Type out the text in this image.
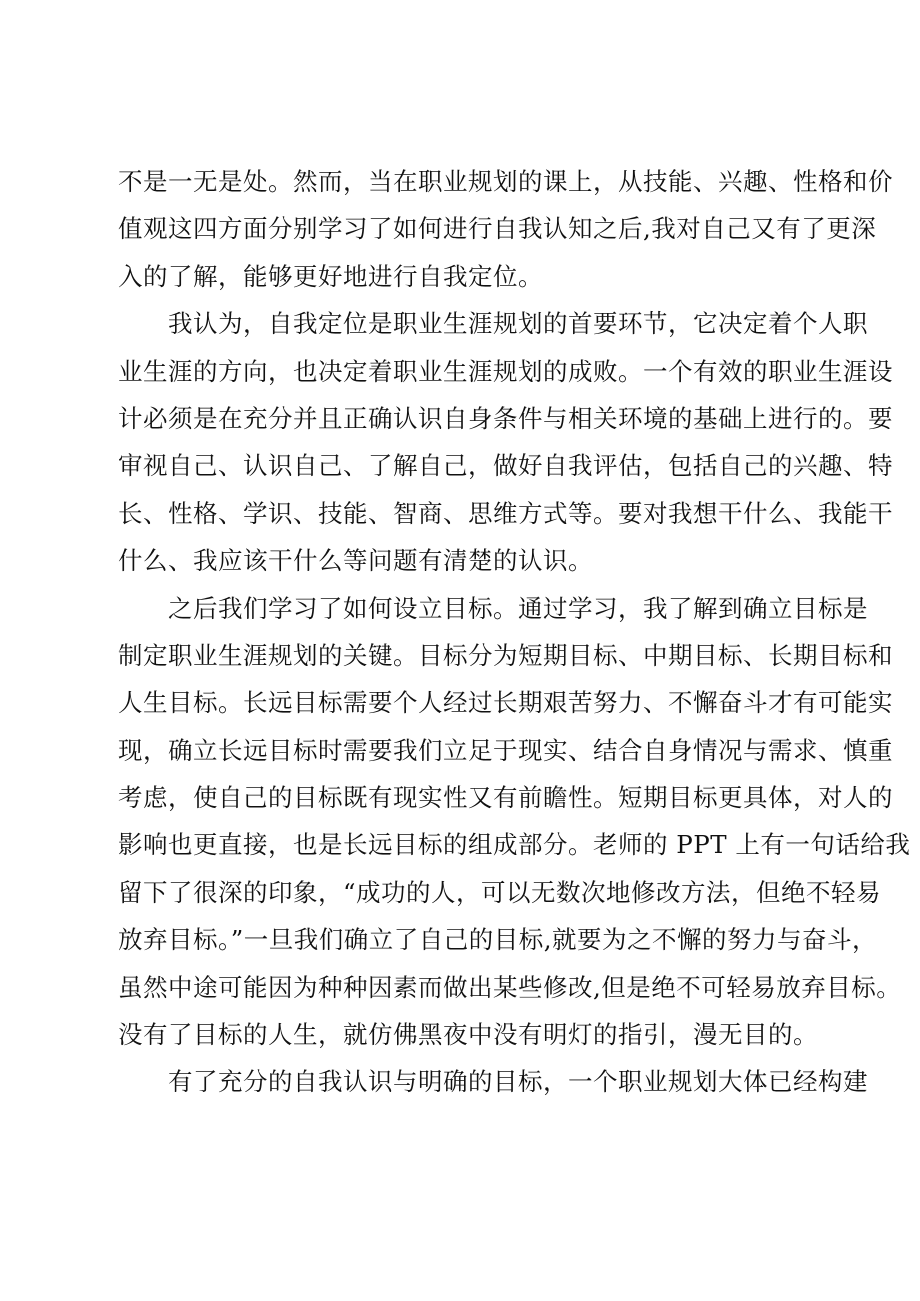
不是一无是处。然而，当在职业规划的课上，从技能、兴趣、性格和价
值观这四方面分别学习了如何进行自我认知之后,我对自己又有了更深
入的了解，能够更好地进行自我定位。
我认为，自我定位是职业生涯规划的首要环节，它决定着个人职
业生涯的方向，也决定着职业生涯规划的成败。一个有效的职业生涯设
计必须是在充分并且正确认识自身条件与相关环境的基础上进行的。要
审视自己、认识自己、了解自己，做好自我评估，包括自己的兴趣、特
长、性格、学识、技能、智商、思维方式等。要对我想干什么、我能干
什么、我应该干什么等问题有清楚的认识。
之后我们学习了如何设立目标。通过学习，我了解到确立目标是
制定职业生涯规划的关键。目标分为短期目标、中期目标、长期目标和
人生目标。长远目标需要个人经过长期艰苦努力、不懈奋斗才有可能实
现，确立长远目标时需要我们立足于现实、结合自身情况与需求、慎重
考虑，使自己的目标既有现实性又有前瞻性。短期目标更具体，对人的
影响也更直接，也是长远目标的组成部分。老师的 PPT 上有一句话给我
留下了很深的印象，“成功的人，可以无数次地修改方法，但绝不轻易
放弃目标。”一旦我们确立了自己的目标,就要为之不懈的努力与奋斗，
虽然中途可能因为种种因素而做出某些修改,但是绝不可轻易放弃目标。
没有了目标的人生，就仿佛黑夜中没有明灯的指引，漫无目的。
有了充分的自我认识与明确的目标，一个职业规划大体已经构建
